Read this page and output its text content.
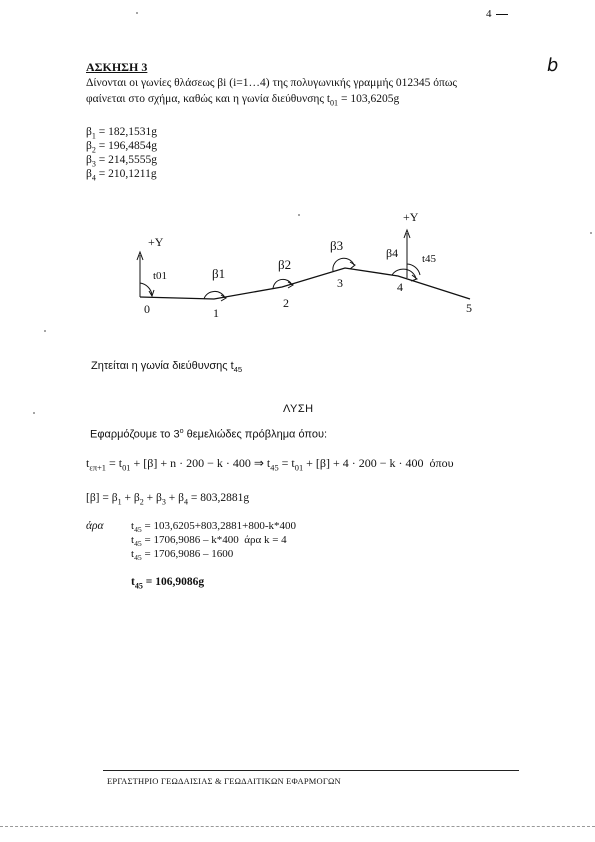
4
b
ΑΣΚΗΣΗ 3
Δίνονται οι γωνίες θλάσεως βi (i=1…4) της πολυγωνικής γραμμής 012345 όπως
φαίνεται στο σχήμα, καθώς και η γωνία διεύθυνσης $t_{01} = 103,6205g$
$\beta_1 = 182,1531g$
$\beta_2 = 196,4854g$
$\beta_3 = 214,5555g$
$\beta_4 = 210,1211g$
+Y
t01	β1
β2
β3
+Y
β4 t45
0	1
2
3	4
5
Ζητείται η γωνία διεύθυνσης $t_{45}$
ΛΥΣΗ
Εφαρμόζουμε το $3^o$ θεμελιώδες πρόβλημα όπου:
$t_{\varepsilon\pi+1} = t_{01} + [\beta] + n \cdot 200 - k \cdot 400$ ⇒ $t_{45} = t_{01} + [\beta] + 4 \cdot 200 - k \cdot 400$  όπου
$[\beta] = \beta_1 + \beta_2 + \beta_3 + \beta_4 = 803,2881g$
άρα $t_{45} = 103,6205+803,2881+800-k*400$
$t_{45} = 1706,9086 - k*400$  άρα k = 4
$t_{45} = 1706,9086 - 1600$
$t_{45} = 106,9086g$
ΕΡΓΑΣΤΗΡΙΟ ΓΕΩΔΑΙΣΙΑΣ & ΓΕΩΔΑΙΤΙΚΩΝ ΕΦΑΡΜΟΓΩΝ
